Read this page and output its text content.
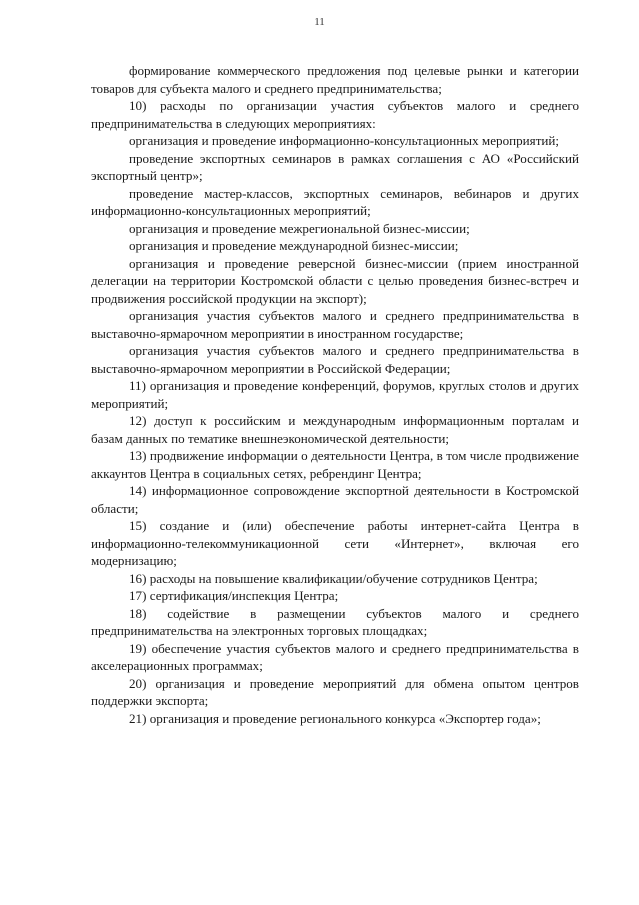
11

формирование коммерческого предложения под целевые рынки и категории товаров для субъекта малого и среднего предпринимательства;

10) расходы по организации участия субъектов малого и среднего предпринимательства в следующих мероприятиях:

организация и проведение информационно-консультационных мероприятий;

проведение экспортных семинаров в рамках соглашения с АО «Российский экспортный центр»;

проведение мастер-классов, экспортных семинаров, вебинаров и других информационно-консультационных мероприятий;

организация и проведение межрегиональной бизнес-миссии;

организация и проведение международной бизнес-миссии;

организация и проведение реверсной бизнес-миссии (прием иностранной делегации на территории Костромской области с целью проведения бизнес-встреч и продвижения российской продукции на экспорт);

организация участия субъектов малого и среднего предпринимательства в выставочно-ярмарочном мероприятии в иностранном государстве;

организация участия субъектов малого и среднего предпринимательства в выставочно-ярмарочном мероприятии в Российской Федерации;

11) организация и проведение конференций, форумов, круглых столов и других мероприятий;

12) доступ к российским и международным информационным порталам и базам данных по тематике внешнеэкономической деятельности;

13) продвижение информации о деятельности Центра, в том числе продвижение аккаунтов Центра в социальных сетях, ребрендинг Центра;

14) информационное сопровождение экспортной деятельности в Костромской области;

15) создание и (или) обеспечение работы интернет-сайта Центра в информационно-телекоммуникационной сети «Интернет», включая его модернизацию;

16) расходы на повышение квалификации/обучение сотрудников Центра;

17) сертификация/инспекция Центра;

18) содействие в размещении субъектов малого и среднего предпринимательства на электронных торговых площадках;

19) обеспечение участия субъектов малого и среднего предпринимательства в акселерационных программах;

20) организация и проведение мероприятий для обмена опытом центров поддержки экспорта;

21) организация и проведение регионального конкурса «Экспортер года»;
